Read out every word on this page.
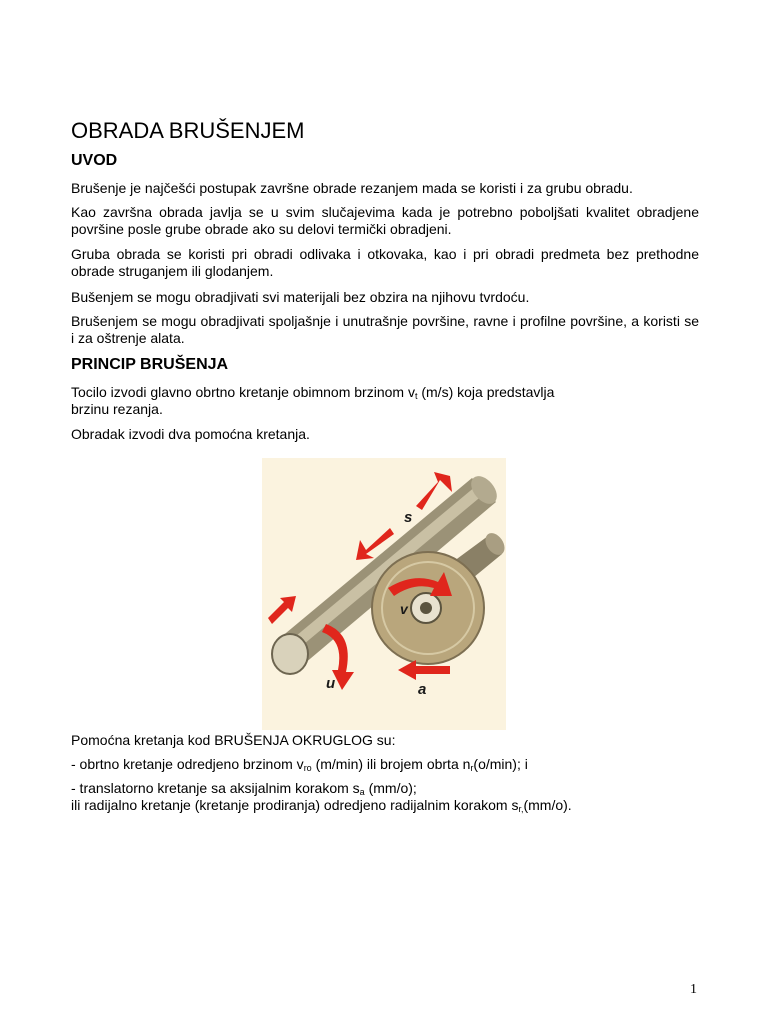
OBRADA BRUŠENJEM
UVOD
Brušenje je najčešći postupak završne obrade rezanjem mada se koristi i za grubu obradu.
Kao završna obrada javlja se u svim slučajevima kada je potrebno poboljšati kvalitet obradjene površine posle grube obrade ako su delovi termički obradjeni.
Gruba obrada se koristi pri obradi odlivaka i otkovaka, kao i pri obradi predmeta bez prethodne obrade struganjem ili glodanjem.
Bušenjem se mogu obradjivati svi materijali bez obzira na njihovu tvrdoću.
Brušenjem se mogu obradjivati spoljašnje i unutrašnje površine, ravne i profilne površine, a koristi se i za oštrenje alata.
PRINCIP BRUŠENJA
Tocilo izvodi glavno obrtno kretanje obimnom brzinom $v_t$ (m/s) koja predstavlja
brzinu rezanja.
Obradak izvodi dva pomoćna kretanja.
s
v
u	a
Pomoćna kretanja kod BRUŠENJA OKRUGLOG su:
- obrtno kretanje odredjeno brzinom $v_{ro}$ (m/min) ili brojem obrta $n_r(o/\min)$; i
- translatorno kretanje sa aksijalnim korakom $s_a$ (mm/o);
ili radijalno kretanje (kretanje prodiranja) odredjeno radijalnim korakom $s_{r,}(mm/o)$.
1
